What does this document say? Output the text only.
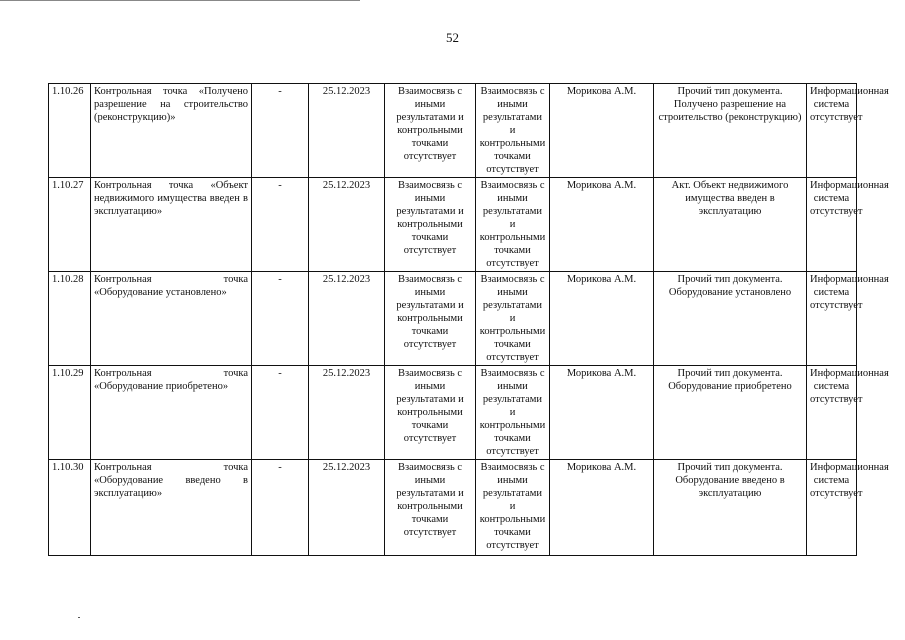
52
1.10.26	Контрольная точка «Получено разрешение на строительство (реконструкцию)»	-	25.12.2023	Взаимосвязь с иными результатами и контрольными точками отсутствует	Взаимосвязь с иными результатами и контрольными точками отсутствует	Морикова А.М.	Прочий тип документа. Получено разрешение на строительство (реконструкцию)	Информационная система отсутствует
1.10.27	Контрольная точка «Объект недвижимого имущества введен в эксплуатацию»	-	25.12.2023	Взаимосвязь с иными результатами и контрольными точками отсутствует	Взаимосвязь с иными результатами и контрольными точками отсутствует	Морикова А.М.	Акт. Объект недвижимого имущества введен в эксплуатацию	Информационная система отсутствует
1.10.28	Контрольная точка «Оборудование установлено»	-	25.12.2023	Взаимосвязь с иными результатами и контрольными точками отсутствует	Взаимосвязь с иными результатами и контрольными точками отсутствует	Морикова А.М.	Прочий тип документа. Оборудование установлено	Информационная система отсутствует
1.10.29	Контрольная точка «Оборудование приобретено»	-	25.12.2023	Взаимосвязь с иными результатами и контрольными точками отсутствует	Взаимосвязь с иными результатами и контрольными точками отсутствует	Морикова А.М.	Прочий тип документа. Оборудование приобретено	Информационная система отсутствует
1.10.30	Контрольная точка «Оборудование введено в эксплуатацию»	-	25.12.2023	Взаимосвязь с иными результатами и контрольными точками отсутствует	Взаимосвязь с иными результатами и контрольными точками отсутствует	Морикова А.М.	Прочий тип документа. Оборудование введено в эксплуатацию	Информационная система отсутствует
